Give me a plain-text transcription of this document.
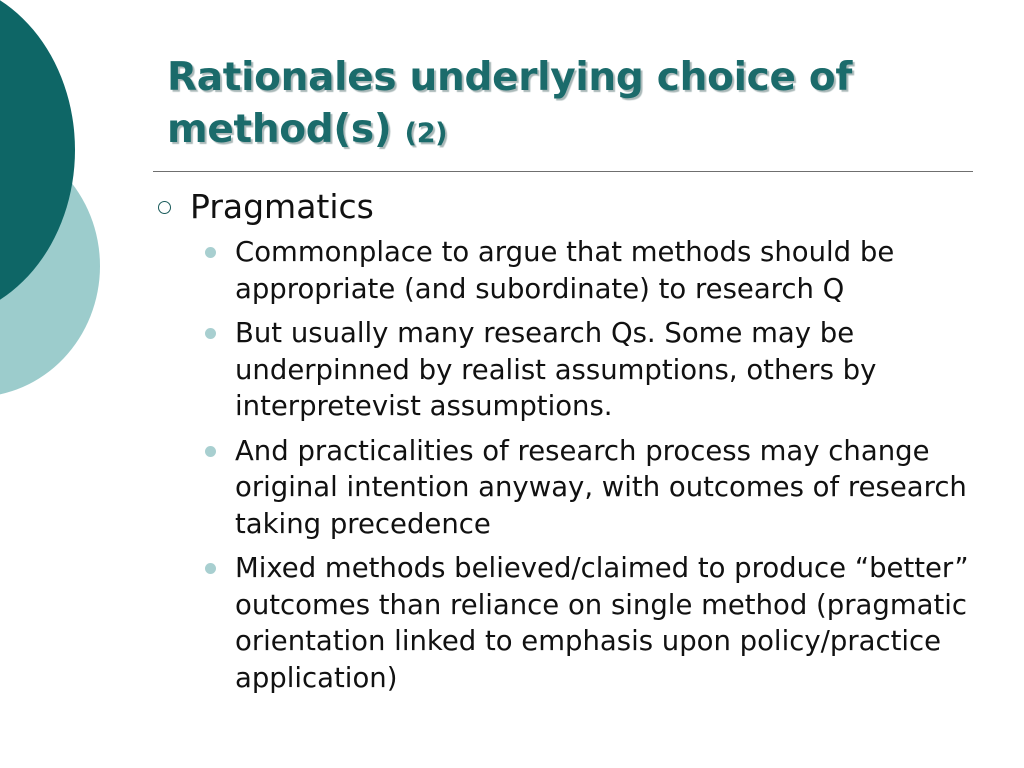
Rationales underlying choice of method(s) (2)
Pragmatics
Commonplace to argue that methods should be appropriate (and subordinate) to research Q
But usually many research Qs. Some may be underpinned by realist assumptions, others by interpretevist assumptions.
And practicalities of research process may change original intention anyway, with outcomes of research taking precedence
Mixed methods believed/claimed to produce “better” outcomes than reliance on single method (pragmatic orientation linked to emphasis upon policy/practice application)
